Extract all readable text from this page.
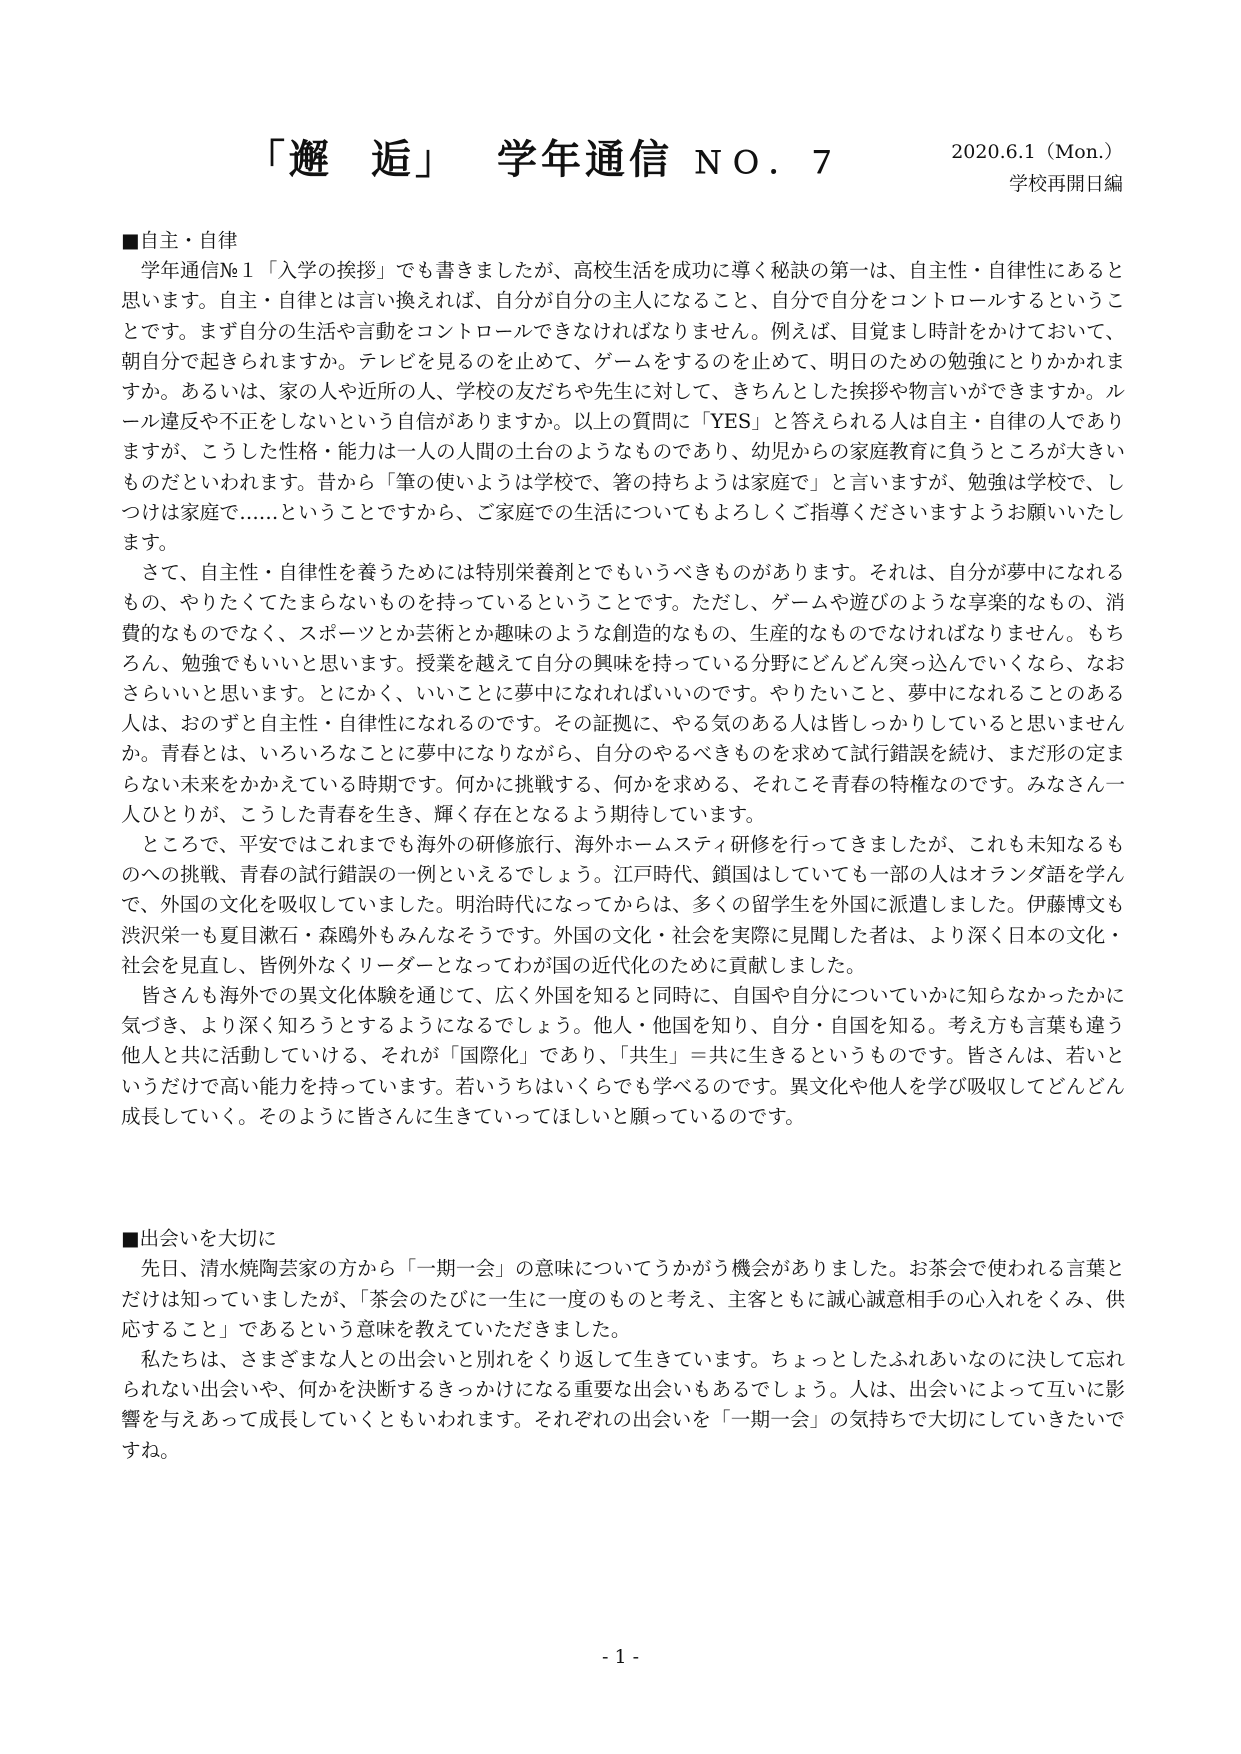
「邂 逅」 学年通信 ＮＯ．７	2020.6.1（Mon.）
学校再開日編
■自主・自律

学年通信№１「入学の挨拶」でも書きましたが、高校生活を成功に導く秘訣の第一は、自主性・自律性にあると思います。自主・自律とは言い換えれば、自分が自分の主人になること、自分で自分をコントロールするということです。まず自分の生活や言動をコントロールできなければなりません。例えば、目覚まし時計をかけておいて、朝自分で起きられますか。テレビを見るのを止めて、ゲームをするのを止めて、明日のための勉強にとりかかれますか。あるいは、家の人や近所の人、学校の友だちや先生に対して、きちんとした挨拶や物言いができますか。ルール違反や不正をしないという自信がありますか。以上の質問に「YES」と答えられる人は自主・自律の人でありますが、こうした性格・能力は一人の人間の土台のようなものであり、幼児からの家庭教育に負うところが大きいものだといわれます。昔から「筆の使いようは学校で、箸の持ちようは家庭で」と言いますが、勉強は学校で、しつけは家庭で……ということですから、ご家庭での生活についてもよろしくご指導くださいますようお願いいたします。

さて、自主性・自律性を養うためには特別栄養剤とでもいうべきものがあります。それは、自分が夢中になれるもの、やりたくてたまらないものを持っているということです。ただし、ゲームや遊びのような享楽的なもの、消費的なものでなく、スポーツとか芸術とか趣味のような創造的なもの、生産的なものでなければなりません。もちろん、勉強でもいいと思います。授業を越えて自分の興味を持っている分野にどんどん突っ込んでいくなら、なおさらいいと思います。とにかく、いいことに夢中になれればいいのです。やりたいこと、夢中になれることのある人は、おのずと自主性・自律性になれるのです。その証拠に、やる気のある人は皆しっかりしていると思いませんか。青春とは、いろいろなことに夢中になりながら、自分のやるべきものを求めて試行錯誤を続け、まだ形の定まらない未来をかかえている時期です。何かに挑戦する、何かを求める、それこそ青春の特権なのです。みなさん一人ひとりが、こうした青春を生き、輝く存在となるよう期待しています。

ところで、平安ではこれまでも海外の研修旅行、海外ホームスティ研修を行ってきましたが、これも未知なるものへの挑戦、青春の試行錯誤の一例といえるでしょう。江戸時代、鎖国はしていても一部の人はオランダ語を学んで、外国の文化を吸収していました。明治時代になってからは、多くの留学生を外国に派遣しました。伊藤博文も渋沢栄一も夏目漱石・森鴎外もみんなそうです。外国の文化・社会を実際に見聞した者は、より深く日本の文化・社会を見直し、皆例外なくリーダーとなってわが国の近代化のために貢献しました。

皆さんも海外での異文化体験を通じて、広く外国を知ると同時に、自国や自分についていかに知らなかったかに気づき、より深く知ろうとするようになるでしょう。他人・他国を知り、自分・自国を知る。考え方も言葉も違う他人と共に活動していける、それが「国際化」であり、「共生」＝共に生きるというものです。皆さんは、若いというだけで高い能力を持っています。若いうちはいくらでも学べるのです。異文化や他人を学び吸収してどんどん成長していく。そのように皆さんに生きていってほしいと願っているのです。

■出会いを大切に

先日、清水焼陶芸家の方から「一期一会」の意味についてうかがう機会がありました。お茶会で使われる言葉とだけは知っていましたが、「茶会のたびに一生に一度のものと考え、主客ともに誠心誠意相手の心入れをくみ、供応すること」であるという意味を教えていただきました。

私たちは、さまざまな人との出会いと別れをくり返して生きています。ちょっとしたふれあいなのに決して忘れられない出会いや、何かを決断するきっかけになる重要な出会いもあるでしょう。人は、出会いによって互いに影響を与えあって成長していくともいわれます。それぞれの出会いを「一期一会」の気持ちで大切にしていきたいですね。

- 1 -
